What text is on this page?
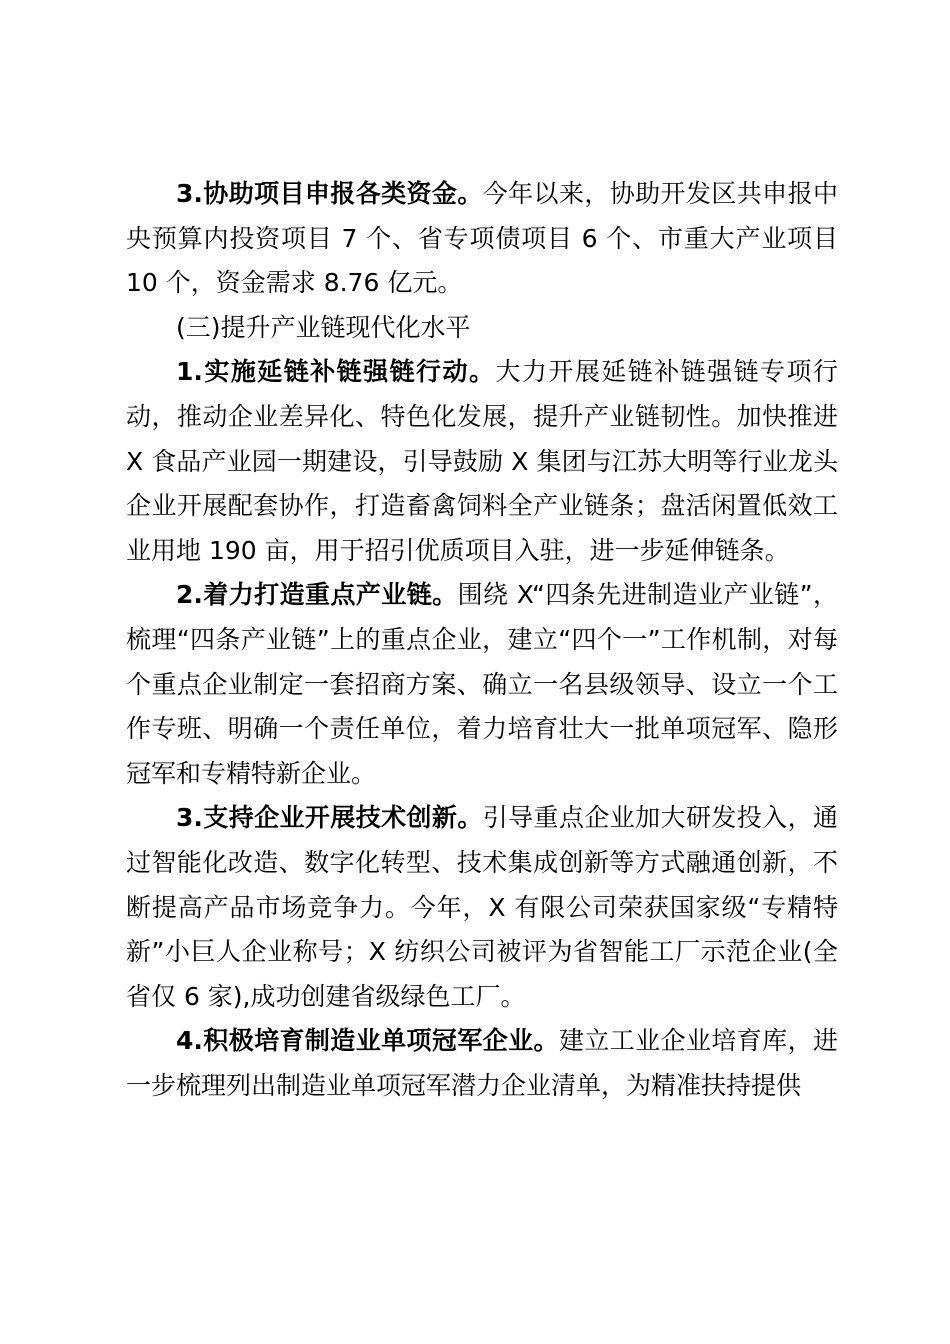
3.协助项目申报各类资金。今年以来，协助开发区共申报中央预算内投资项目 7 个、省专项债项目 6 个、市重大产业项目 10 个，资金需求 8.76 亿元。

(三)提升产业链现代化水平

1.实施延链补链强链行动。大力开展延链补链强链专项行动，推动企业差异化、特色化发展，提升产业链韧性。加快推进 X 食品产业园一期建设，引导鼓励 X 集团与江苏大明等行业龙头企业开展配套协作，打造畜禽饲料全产业链条；盘活闲置低效工业用地 190 亩，用于招引优质项目入驻，进一步延伸链条。

2.着力打造重点产业链。围绕 X“四条先进制造业产业链”，梳理“四条产业链”上的重点企业，建立“四个一”工作机制，对每个重点企业制定一套招商方案、确立一名县级领导、设立一个工作专班、明确一个责任单位，着力培育壮大一批单项冠军、隐形冠军和专精特新企业。

3.支持企业开展技术创新。引导重点企业加大研发投入，通过智能化改造、数字化转型、技术集成创新等方式融通创新，不断提高产品市场竞争力。今年，X 有限公司荣获国家级“专精特新”小巨人企业称号；X 纺织公司被评为省智能工厂示范企业(全省仅 6 家),成功创建省级绿色工厂。

4.积极培育制造业单项冠军企业。建立工业企业培育库，进一步梳理列出制造业单项冠军潜力企业清单，为精准扶持提供
